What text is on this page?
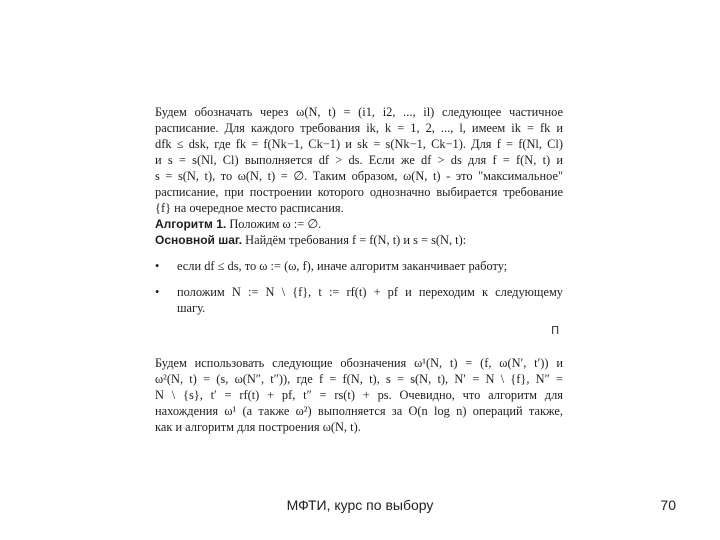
Будем обозначать через ω(N, t) = (i1, i2, ..., il) следующее частичное
расписание. Для каждого требования ik, k = 1, 2, ..., l, имеем ik = fk и
dfk ≤ dsk, где fk = f(Nk−1, Ck−1) и sk = s(Nk−1, Ck−1). Для f = f(Nl, Cl)
и s = s(Nl, Cl) выполняется df > ds. Если же df > ds для f = f(N, t) и
s = s(N, t), то ω(N, t) = ∅. Таким образом, ω(N, t) - это "максимальное"
расписание, при построении которого однозначно выбирается требование
{f} на очередное место расписания.
Алгоритм 1. Положим ω := ∅.
Основной шаг. Найдём требования f = f(N, t) и s = s(N, t):
• если df ≤ ds, то ω := (ω, f), иначе алгоритм заканчивает работу;
• положим N := N \ {f}, t := rf(t) + pf и переходим к следующему
шагу.
П
Будем использовать следующие обозначения ω¹(N, t) = (f, ω(N′, t′)) и
ω²(N, t) = (s, ω(N″, t″)), где f = f(N, t), s = s(N, t), N′ = N \ {f}, N″ =
N \ {s}, t′ = rf(t) + pf, t″ = rs(t) + ps. Очевидно, что алгоритм для
нахождения ω¹ (а также ω²) выполняется за O(n log n) операций также,
как и алгоритм для построения ω(N, t).
МФТИ, курс по выбору	70
